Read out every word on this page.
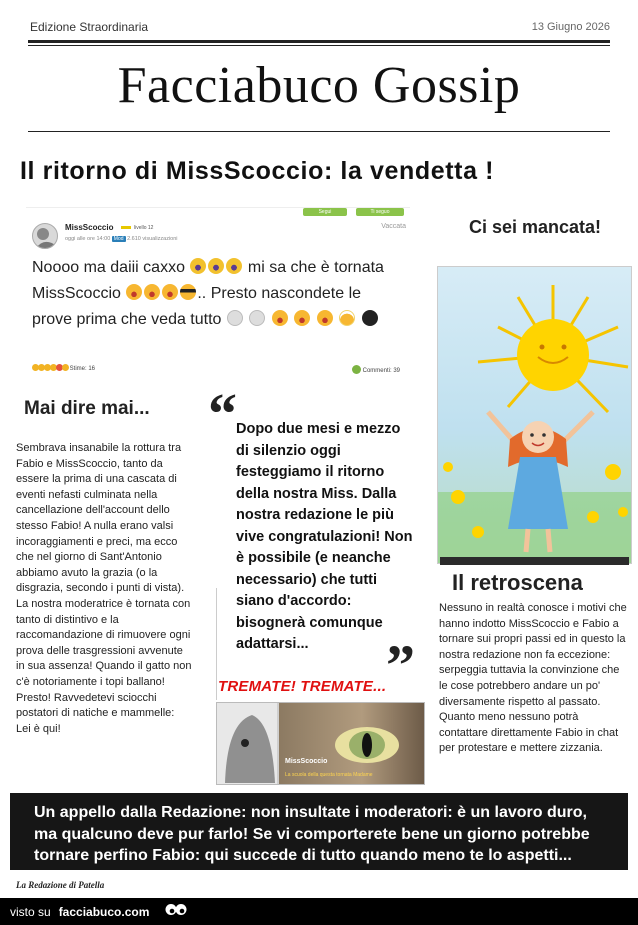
Edizione Straordinaria	13 Giugno 2026
Facciabuco Gossip
Il ritorno di MissScoccio: la vendetta !
Segui	Ti seguo
MissScoccio	livello 12
oggi alle ore 14:00 Mod 2.610 visualizzazioni
Vaccata
Noooo ma daiii caxxo	mi sa che è tornata MissScoccio	.. Presto nascondete le prove prima che veda tutto
Stime: 16	Commenti: 39
Ci sei mancata!
Mai dire mai...
Sembrava insanabile la rottura tra Fabio e MissScoccio, tanto da essere la prima di una cascata di eventi nefasti culminata nella cancellazione dell'account dello stesso Fabio! A nulla erano valsi incoraggiamenti e preci, ma ecco che nel giorno di Sant'Antonio abbiamo avuto la grazia (o la disgrazia, secondo i punti di vista). La nostra moderatrice è tornata con tanto di distintivo e la raccomandazione di rimuovere ogni prova delle trasgressioni avvenute in sua assenza! Quando il gatto non c'è notoriamente i topi ballano! Presto! Ravvedetevi sciocchi postatori di natiche e mammelle: Lei è qui!
“ Dopo due mesi e mezzo di silenzio oggi festeggiamo il ritorno della nostra Miss. Dalla nostra redazione le più vive congratulazioni! Non è possibile (e neanche necessario) che tutti siano d'accordo: bisognerà comunque adattarsi...	”
TREMATE! TREMATE...
MissScoccio
La scuola della questa tornata Madame
Il retroscena
Nessuno in realtà conosce i motivi che hanno indotto MissScoccio e Fabio a tornare sui propri passi ed in questo la nostra redazione non fa eccezione: serpeggia tuttavia la convinzione che le cose potrebbero andare un po' diversamente rispetto al passato. Quanto meno nessuno potrà contattare direttamente Fabio in chat per protestare e mettere zizzania.
Un appello dalla Redazione: non insultate i moderatori: è un lavoro duro, ma qualcuno deve pur farlo! Se vi comporterete bene un giorno potrebbe tornare perfino Fabio: qui succede di tutto quando meno te lo aspetti...
La Redazione di Patella
visto su facciabuco.com
